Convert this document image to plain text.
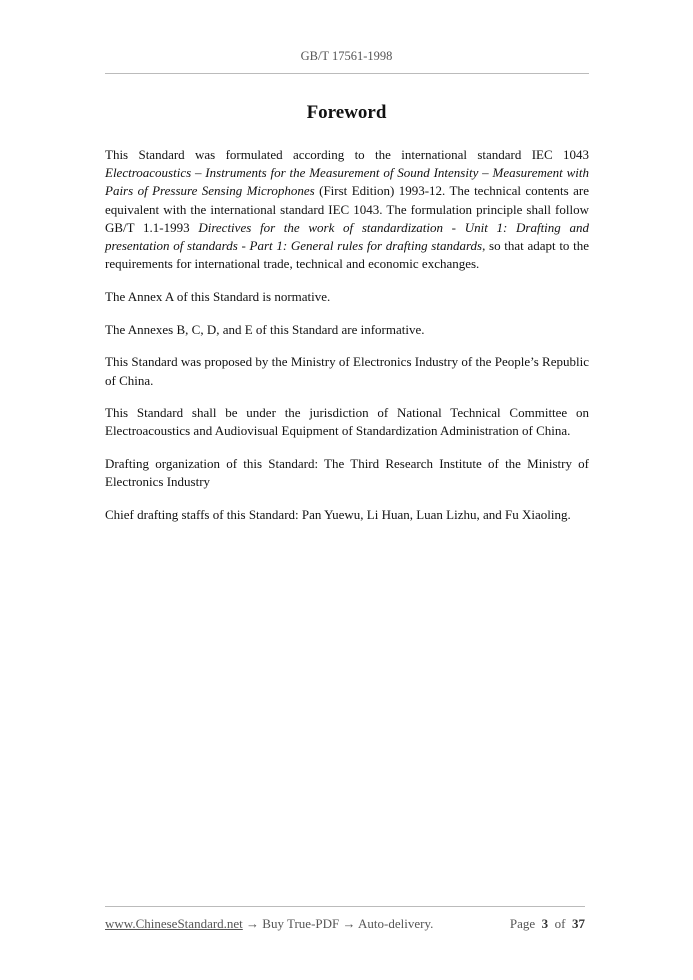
GB/T 17561-1998
Foreword

This Standard was formulated according to the international standard IEC 1043 Electroacoustics – Instruments for the Measurement of Sound Intensity – Measurement with Pairs of Pressure Sensing Microphones (First Edition) 1993-12. The technical contents are equivalent with the international standard IEC 1043. The formulation principle shall follow GB/T 1.1-1993 Directives for the work of standardization - Unit 1: Drafting and presentation of standards - Part 1: General rules for drafting standards, so that adapt to the requirements for international trade, technical and economic exchanges.

The Annex A of this Standard is normative.

The Annexes B, C, D, and E of this Standard are informative.

This Standard was proposed by the Ministry of Electronics Industry of the People’s Republic of China.

This Standard shall be under the jurisdiction of National Technical Committee on Electroacoustics and Audiovisual Equipment of Standardization Administration of China.

Drafting organization of this Standard: The Third Research Institute of the Ministry of Electronics Industry

Chief drafting staffs of this Standard: Pan Yuewu, Li Huan, Luan Lizhu, and Fu Xiaoling.

www.ChineseStandard.net → Buy True-PDF → Auto-delivery.	Page 3 of 37
